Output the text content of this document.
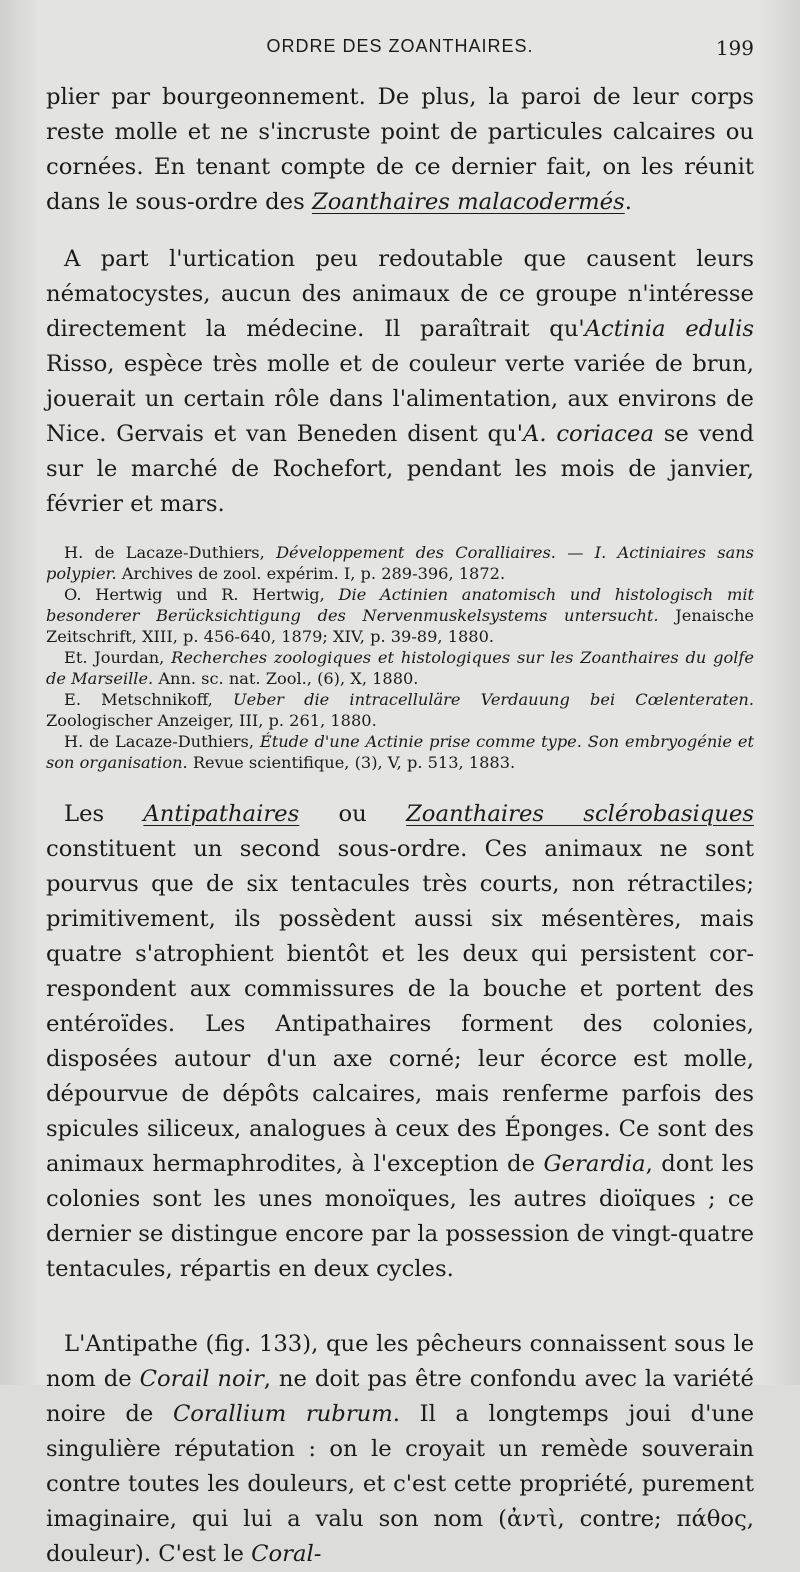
ORDRE DES ZOANTHAIRES.	199

plier par bourgeonnement. De plus, la paroi de leur corps reste molle et ne s'incruste point de particules calcaires ou cornées. En tenant compte de ce dernier fait, on les réunit dans le sous-ordre des Zoanthaires malacodermés.

A part l'urtication peu redoutable que causent leurs nématocystes, aucun des animaux de ce groupe n'intéresse directement la médecine. Il paraîtrait qu'Actinia edulis Risso, espèce très molle et de couleur verte variée de brun, jouerait un certain rôle dans l'alimentation, aux environs de Nice. Gervais et van Beneden disent qu'A. coriacea se vend sur le marché de Rochefort, pendant les mois de janvier, février et mars.

H. de Lacaze-Duthiers, Développement des Coralliaires. — I. Actiniaires sans polypier. Archives de zool. expérim. I, p. 289-396, 1872.

O. Hertwig und R. Hertwig, Die Actinien anatomisch und histologisch mit besonderer Berücksichtigung des Nervenmuskelsystems untersucht. Jenaische Zeitschrift, XIII, p. 456-640, 1879; XIV, p. 39-89, 1880.

Et. Jourdan, Recherches zoologiques et histologiques sur les Zoanthaires du golfe de Marseille. Ann. sc. nat. Zool., (6), X, 1880.

E. Metschnikoff, Ueber die intracelluläre Verdauung bei Cœlenteraten. Zoologischer Anzeiger, III, p. 261, 1880.

H. de Lacaze-Duthiers, Étude d'une Actinie prise comme type. Son embryogénie et son organisation. Revue scientifique, (3), V, p. 513, 1883.

Les Antipathaires ou Zoanthaires sclérobasiques constituent un second sous-ordre. Ces animaux ne sont pourvus que de six tentacules très courts, non rétractiles; primitivement, ils possèdent aussi six mésentères, mais quatre s'atrophient bientôt et les deux qui persistent correspondent aux commissures de la bouche et portent des entéroïdes. Les Antipathaires forment des colonies, disposées autour d'un axe corné; leur écorce est molle, dépourvue de dépôts calcaires, mais renferme parfois des spicules siliceux, analogues à ceux des Éponges. Ce sont des animaux hermaphrodites, à l'exception de Gerardia, dont les colonies sont les unes monoïques, les autres dioïques ; ce dernier se distingue encore par la possession de vingt-quatre tentacules, répartis en deux cycles.

L'Antipathe (fig. 133), que les pêcheurs connaissent sous le nom de Corail noir, ne doit pas être confondu avec la variété noire de Corallium rubrum. Il a longtemps joui d'une singulière réputation : on le croyait un remède souverain contre toutes les douleurs, et c'est cette propriété, purement imaginaire, qui lui a valu son nom (ἀντὶ, contre; πάθος, douleur). C'est le Coral-
